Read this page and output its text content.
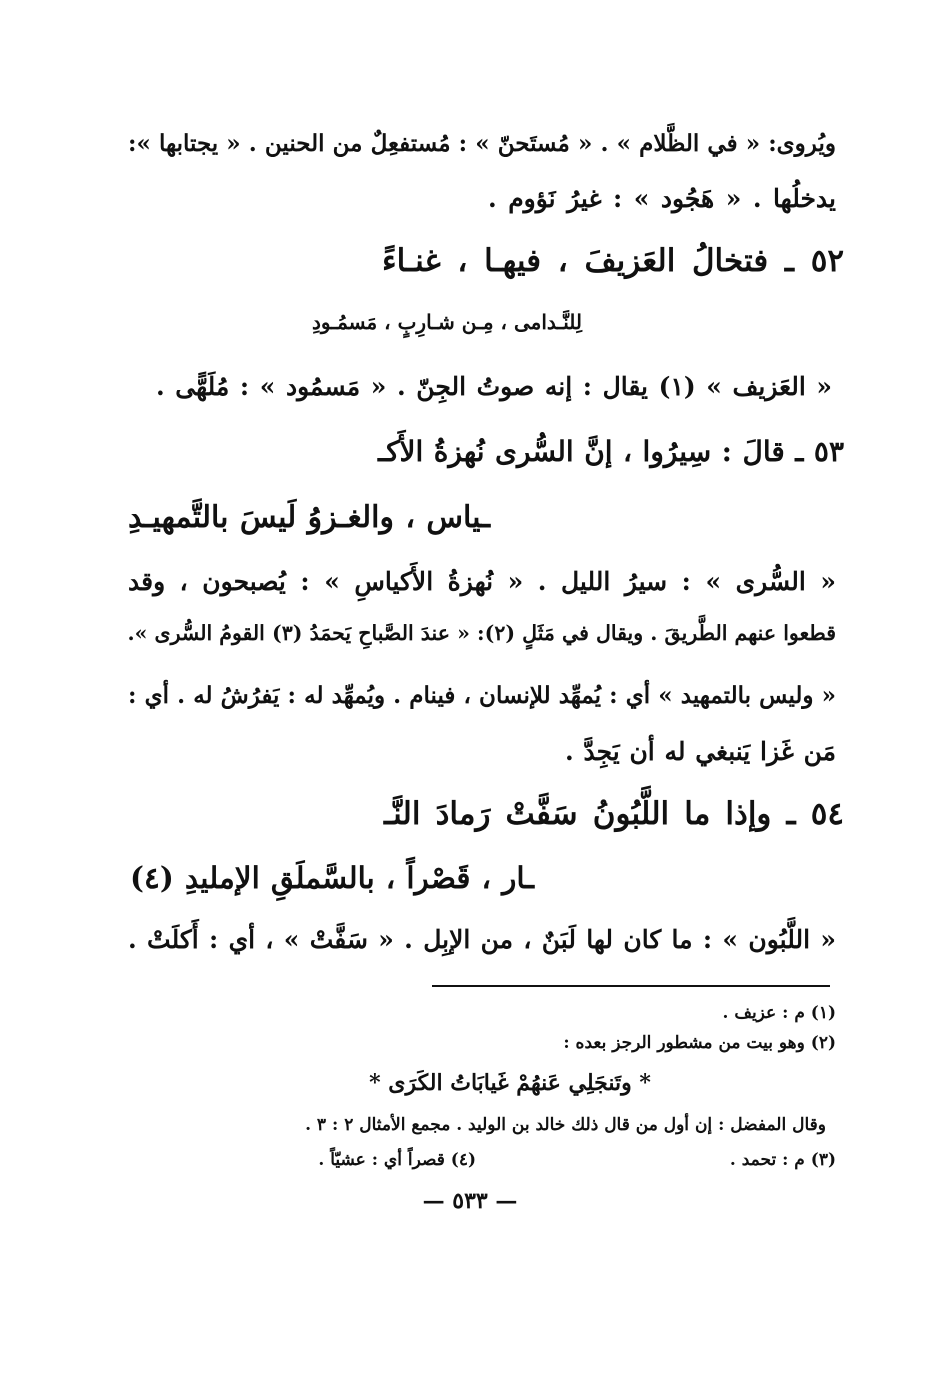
ويُروى: « في الظَّلام » . « مُستَحنّ » : مُستفعِلٌ من الحنين . « يجتابها »:
يدخلُها . « هَجُود » : غيرُ نَؤوم .
٥٢ ـ فتخالُ العَزيفَ ، فيهـا ، غنـاءً
لِلنَّـدامى ، مِـن شـارِبٍ ، مَسمُـودِ
« العَزيف » (١) يقال : إنه صوتُ الجِنّ . « مَسمُود » : مُلَهًّى .
٥٣ ـ قالَ : سِيرُوا ، إنَّ السُّرى نُهزةُ الأَكـ
ـياس ، والغـزوُ لَيسَ بالتَّمهيـدِ
« السُّرى » : سيرُ الليل . « نُهزةُ الأَكياسِ » : يُصبحون ، وقد
قطعوا عنهم الطَّريقَ . ويقال في مَثَلٍ (٢): « عندَ الصَّباحِ يَحمَدُ (٣) القومُ السُّرى ».
« وليس بالتمهيد » أي : يُمهِّد للإنسان ، فينام . ويُمهِّد له : يَفرُشُ له . أي :
مَن غَزا يَنبغي له أن يَجِدَّ .
٥٤ ـ وإذا ما اللَّبُونُ سَفَّتْ رَمادَ النَّـ
ـار ، قَصْراً ، بالسَّملَقِ الإمليدِ (٤)
« اللَّبُون » : ما كان لها لَبَنٌ ، من الإبِل . « سَفَّتْ » ، أي : أَكلَتْ .
(١) م : عزيف .
(٢) وهو بيت من مشطور الرجز بعده :
* وتَنجَلِي عَنهُمْ غَيابَاتُ الكَرَى *
وقال المفضل : إن أول من قال ذلك خالد بن الوليد . مجمع الأمثال ٢ : ٣ .
(٣) م : تحمد .
(٤) قصراً أي : عشيّاً .
— ٥٣٣ —
